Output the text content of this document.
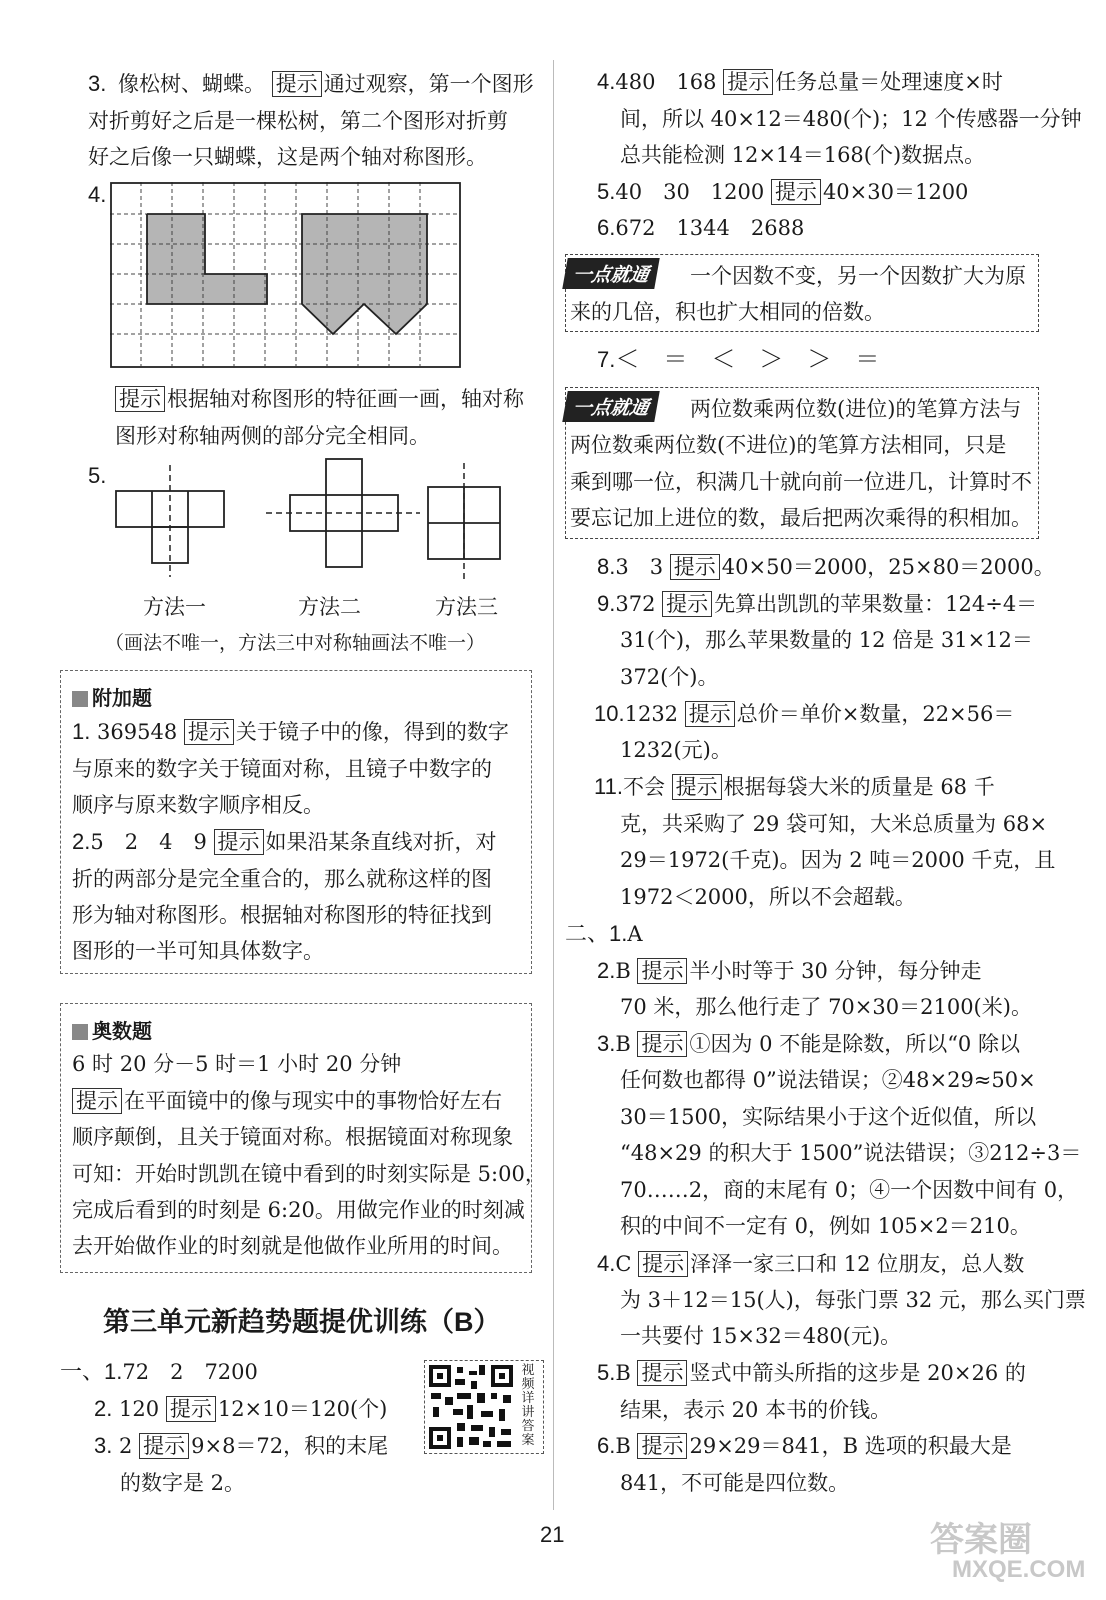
3. 像松树、蝴蝶。 提示 通过观察，第一个图形
对折剪好之后是一棵松树，第二个图形对折剪
好之后像一只蝴蝶，这是两个轴对称图形。
4.
提示 根据轴对称图形的特征画一画，轴对称
图形对称轴两侧的部分完全相同。
5.
方法一	方法二	方法三
（画法不唯一，方法三中对称轴画法不唯一）
附加题
1. 369548 提示 关于镜子中的像，得到的数字
与原来的数字关于镜面对称，且镜子中数字的
顺序与原来数字顺序相反。
2.5　2　4　9 提示 如果沿某条直线对折，对
折的两部分是完全重合的，那么就称这样的图
形为轴对称图形。根据轴对称图形的特征找到
图形的一半可知具体数字。
奥数题
6 时 20 分－5 时＝1 小时 20 分钟
提示 在平面镜中的像与现实中的事物恰好左右
顺序颠倒，且关于镜面对称。根据镜面对称现象
可知：开始时凯凯在镜中看到的时刻实际是 5:00，
完成后看到的时刻是 6:20。用做完作业的时刻减
去开始做作业的时刻就是他做作业所用的时间。
第三单元新趋势题提优训练（B）
一、1.72　2　7200
2. 120 提示 12×10＝120(个)
3. 2 提示 9×8＝72，积的末尾
的数字是 2。
视频详讲答案
4.480　168 提示 任务总量＝处理速度×时
间，所以 40×12＝480(个)；12 个传感器一分钟
总共能检测 12×14＝168(个)数据点。
5.40　30　1200 提示 40×30＝1200
6.672　1344　2688
一点就通	一个因数不变，另一个因数扩大为原
来的几倍，积也扩大相同的倍数。
7.＜　＝　＜　＞　＞　＝
一点就通	两位数乘两位数(进位)的笔算方法与
两位数乘两位数(不进位)的笔算方法相同，只是
乘到哪一位，积满几十就向前一位进几，计算时不
要忘记加上进位的数，最后把两次乘得的积相加。
8.3　3 提示 40×50＝2000，25×80＝2000。
9.372 提示 先算出凯凯的苹果数量：124÷4＝
31(个)，那么苹果数量的 12 倍是 31×12＝
372(个)。
10.1232 提示 总价＝单价×数量，22×56＝
1232(元)。
11.不会 提示 根据每袋大米的质量是 68 千
克，共采购了 29 袋可知，大米总质量为 68×
29＝1972(千克)。因为 2 吨＝2000 千克，且
1972＜2000，所以不会超载。
二、1.A
2.B 提示 半小时等于 30 分钟，每分钟走
70 米，那么他行走了 70×30＝2100(米)。
3.B 提示 ①因为 0 不能是除数，所以“0 除以
任何数也都得 0”说法错误；②48×29≈50×
30＝1500，实际结果小于这个近似值，所以
“48×29 的积大于 1500”说法错误；③212÷3＝
70……2，商的末尾有 0；④一个因数中间有 0，
积的中间不一定有 0，例如 105×2＝210。
4.C 提示 泽泽一家三口和 12 位朋友，总人数
为 3＋12＝15(人)，每张门票 32 元，那么买门票
一共要付 15×32＝480(元)。
5.B 提示 竖式中箭头所指的这步是 20×26 的
结果，表示 20 本书的价钱。
6.B 提示 29×29＝841，B 选项的积最大是
841，不可能是四位数。
21	答案圈
MXQE.COM
